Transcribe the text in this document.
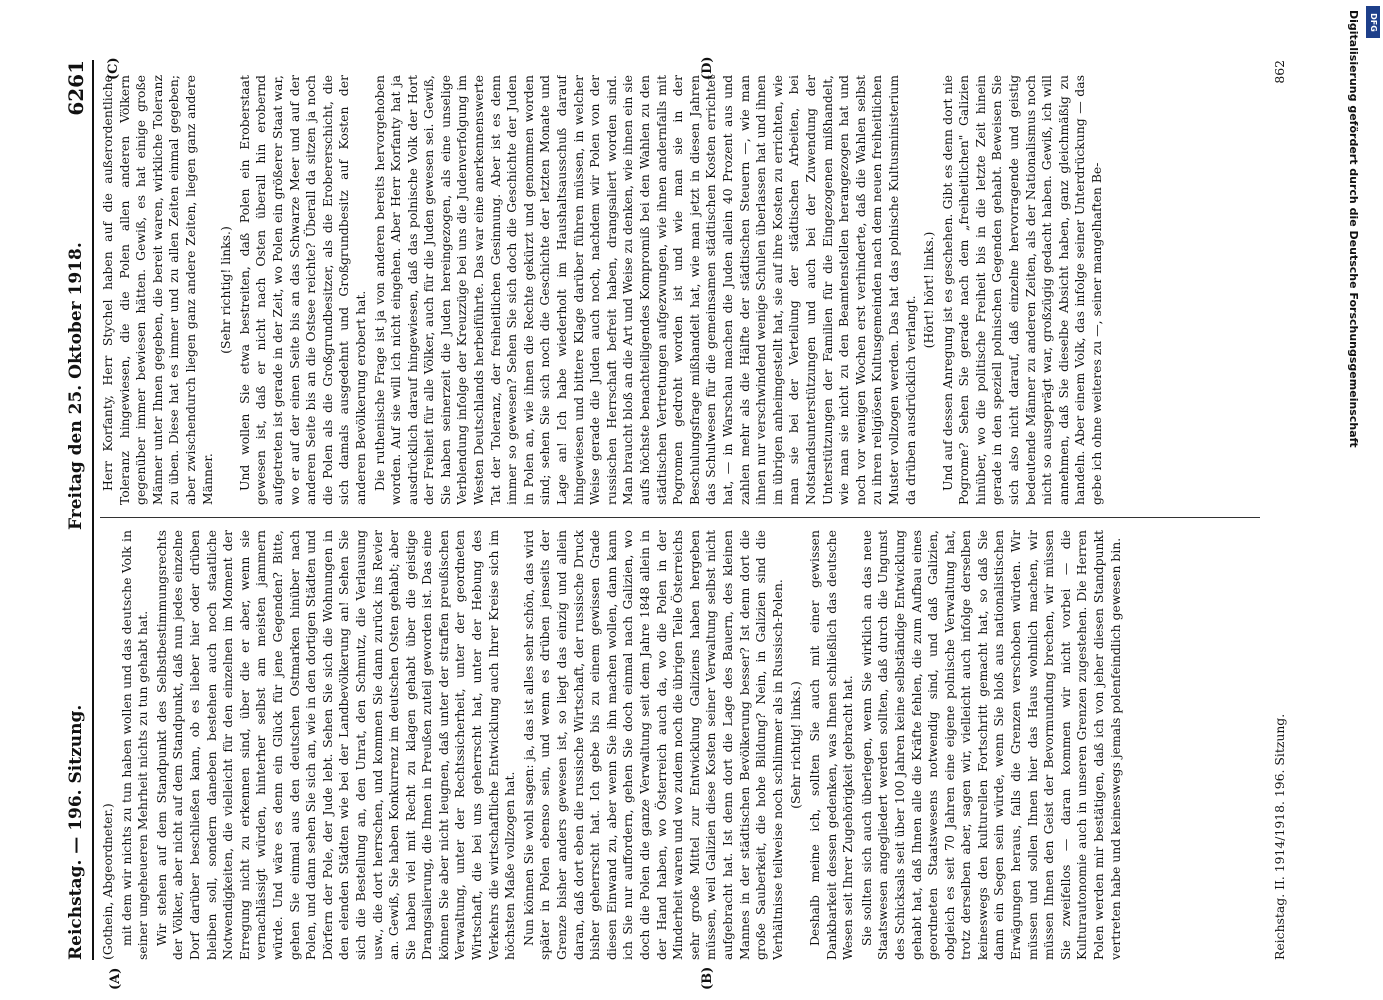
Reichstag. — 196. Sitzung.
Freitag den 25. Oktober 1918.
6261

(Gothein, Abgeordneter.) mit dem wir nichts zu tun haben wollen und das deutsche Volk in seiner ungeheueren Mehrheit nichts zu tun gehabt hat. Wir stehen auf dem Standpunkt des Selbstbestimmungsrechts der Völker, aber nicht auf dem Standpunkt, daß nun jedes einzelne Dorf darüber beschließen kann, ob es lieber hier oder drüben bleiben soll, sondern daneben bestehen auch noch staatliche Notwendigkeiten, die vielleicht für den einzelnen im Moment der Erregung nicht zu erkennen sind, über die er aber, wenn sie vernachlässigt würden, hinterher selbst am meisten jammern würde. Und wäre es denn ein Glück für jene Gegenden? Bitte, gehen Sie einmal aus den deutschen Ostmarken hinüber nach Polen, und dann sehen Sie sich an, wie in den dortigen Städten und Dörfern der Pole, der Jude lebt. Sehen Sie sich die Wohnungen in den elenden Städten wie bei der Landbevölkerung an! Sehen Sie sich die Bestellung an, den Unrat, den Schmutz, die Verlausung usw., die dort herrschen, und kommen Sie dann zurück ins Revier an. Gewiß, Sie haben Konkurrenz im deutschen Osten gehabt; aber Sie haben viel mit Recht zu klagen gehabt über die geistige Drangsalierung, die Ihnen in Preußen zuteil geworden ist. Das eine können Sie aber nicht leugnen, daß unter der straffen preußischen Verwaltung, unter der Rechtssicherheit, unter der geordneten Wirtschaft, die bei uns geherrscht hat, unter der Hebung des Verkehrs die wirtschaftliche Entwicklung auch Ihrer Kreise sich im höchsten Maße vollzogen hat. Nun können Sie wohl sagen: ja, das ist alles sehr schön, das wird später in Polen ebenso sein, und wenn es drüben jenseits der Grenze bisher anders gewesen ist, so liegt das einzig und allein daran, daß dort eben die russische Wirtschaft, der russische Druck bisher geherrscht hat. Ich gebe bis zu einem gewissen Grade diesen Einwand zu, aber wenn Sie ihn machen wollen, dann kann ich Sie nur auffordern, gehen Sie doch einmal nach Galizien, wo doch die Polen die ganze Verwaltung seit dem Jahre 1848 allein in der Hand haben, wo Österreich auch da, wo die Polen in der Minderheit waren und wo zudem noch die übrigen Teile Österreichs sehr große Mittel zur Entwicklung Galiziens haben hergeben müssen, weil Galizien diese Kosten seiner Verwaltung selbst nicht aufgebracht hat. Ist denn dort die Lage des Bauern, des kleinen Mannes in der städtischen Bevölkerung besser? Ist denn dort die große Sauberkeit, die hohe Bildung? Nein, in Galizien sind die Verhältnisse teilweise noch schlimmer als in Russisch-Polen. (Sehr richtig! links.) Deshalb meine ich, sollten Sie auch mit einer gewissen Dankbarkeit dessen gedenken, was Ihnen schließlich das deutsche Wesen seit Ihrer Zugehörigkeit gebracht hat. Sie sollten sich auch überlegen, wenn Sie wirklich an das neue Staatswesen angegliedert werden sollten, daß durch die Ungunst des Schicksals seit über 100 Jahren keine selbständige Entwicklung gehabt hat, daß Ihnen alle die Kräfte fehlen, die zum Aufbau eines geordneten Staatswesens notwendig sind, und daß Galizien, obgleich es seit 70 Jahren eine eigene polnische Verwaltung hat, trotz derselben aber, sagen wir, vielleicht auch infolge derselben keineswegs den kulturellen Fortschritt gemacht hat, so daß Sie dann ein Segen sein würde, wenn Sie bloß aus nationalistischen Erwägungen heraus, falls die Grenzen verschoben würden. Wir müssen und sollen Ihnen hier das Haus wohnlich machen, wir müssen Ihnen den Geist der Bevormundung brechen, wir müssen Sie zweifellos — daran kommen wir nicht vorbei — die Kulturautonomie auch in unseren Grenzen zugestehen. Die Herren Polen werden mir bestätigen, daß ich von jeher diesen Standpunkt vertreten habe und keineswegs jemals polenfeindlich gewesen bin.

Herr Korfanty, Herr Stychel haben auf die außerordentliche Toleranz hingewiesen, die die Polen allen anderen Völkern gegenüber immer bewiesen hätten. Gewiß, es hat einige große Männer unter Ihnen gegeben, die bereit waren, wirkliche Toleranz zu üben. Diese hat es immer und zu allen Zeiten einmal gegeben; aber zwischendurch liegen ganz andere Zeiten, liegen ganz andere Männer.

(Sehr richtig! links.) Und wollen Sie etwa bestreiten, daß Polen ein Eroberstaat gewesen ist, daß er nicht nach Osten überall hin erobernd aufgetreten ist gerade in der Zeit, wo Polen ein größerer Staat war, wo er auf der einen Seite bis an das Schwarze Meer und auf der anderen Seite bis an die Ostsee reichte? Überall da sitzen ja noch die Polen als die Großgrundbesitzer, als die Erobererschicht, die sich damals ausgedehnt und Großgrundbesitz auf Kosten der anderen Bevölkerung erobert hat. Die ruthenische Frage ist ja von anderen bereits hervorgehoben worden. Auf sie will ich nicht eingehen. Aber Herr Korfanty hat ja ausdrücklich darauf hingewiesen, daß das polnische Volk der Hort der Freiheit für alle Völker, auch für die Juden gewesen sei. Gewiß, Sie haben seinerzeit die Juden hereingezogen, als eine unselige Verblendung infolge der Kreuzzüge bei uns die Judenverfolgung im Westen Deutschlands herbeiführte. Das war eine anerkennenswerte Tat der Toleranz, der freiheitlichen Gesinnung. Aber ist es denn immer so gewesen? Sehen Sie sich doch die Geschichte der Juden in Polen an, wie ihnen die Rechte gekürzt und genommen worden sind; sehen Sie sich noch die Geschichte der letzten Monate und Lage an! Ich habe wiederholt im Haushaltsausschuß darauf hingewiesen und bittere Klage darüber führen müssen, in welcher Weise gerade die Juden auch noch, nachdem wir Polen von der russischen Herrschaft befreit haben, drangsaliert worden sind. Man braucht bloß an die Art und Weise zu denken, wie ihnen ein sie aufs höchste benachteiligendes Kompromiß bei den Wahlen zu den städtischen Vertretungen aufgezwungen, wie ihnen andernfalls mit Pogromen gedroht worden ist und wie man sie in der Beschulungsfrage mißhandelt hat, wie man jetzt in diesen Jahren das Schulwesen für die gemeinsamen städtischen Kosten errichtet hat, — in Warschau machen die Juden allein 40 Prozent aus und zahlen mehr als die Hälfte der städtischen Steuern —, wie man ihnen nur verschwindend wenige Schulen überlassen hat und ihnen im übrigen anheimgestellt hat, sie auf ihre Kosten zu errichten, wie man sie bei der Verteilung der städtischen Arbeiten, bei Notstandsunterstützungen und auch bei der Zuwendung der Unterstützungen der Familien für die Eingezogenen mißhandelt, wie man sie nicht zu den Beamtenstellen herangezogen hat und noch vor wenigen Wochen erst verhinderte, daß die Wahlen selbst zu ihren religiösen Kultusgemeinden nach dem neuen freiheitlichen Muster vollzogen werden. Das hat das polnische Kultusministerium da drüben ausdrücklich verlangt.

(Hört! hört! links.) Und auf dessen Anregung ist es geschehen. Gibt es denn dort nie Pogrome? Sehen Sie gerade nach dem „freiheitlichen" Galizien hinüber, wo die politische Freiheit bis in die letzte Zeit hinein gerade in den speziell polnischen Gegenden gehabt. Beweisen Sie sich also nicht darauf, daß einzelne hervorragende und geistig bedeutende Männer zu anderen Zeiten, als der Nationalismus noch nicht so ausgeprägt war, großzügig gedacht haben. Gewiß, ich will annehmen, daß Sie dieselbe Absicht haben, ganz gleichmäßig zu handeln. Aber einem Volk, das infolge seiner Unterdrückung — das gebe ich ohne weiteres zu —, seiner mangelhaften Be-

(A)	(B)
(C)	(D)
Reichstag. II. 1914/1918. 196. Sitzung.
862	Digitalisierung gefördert durch die Deutsche Forschungsgemeinschaft DFG
